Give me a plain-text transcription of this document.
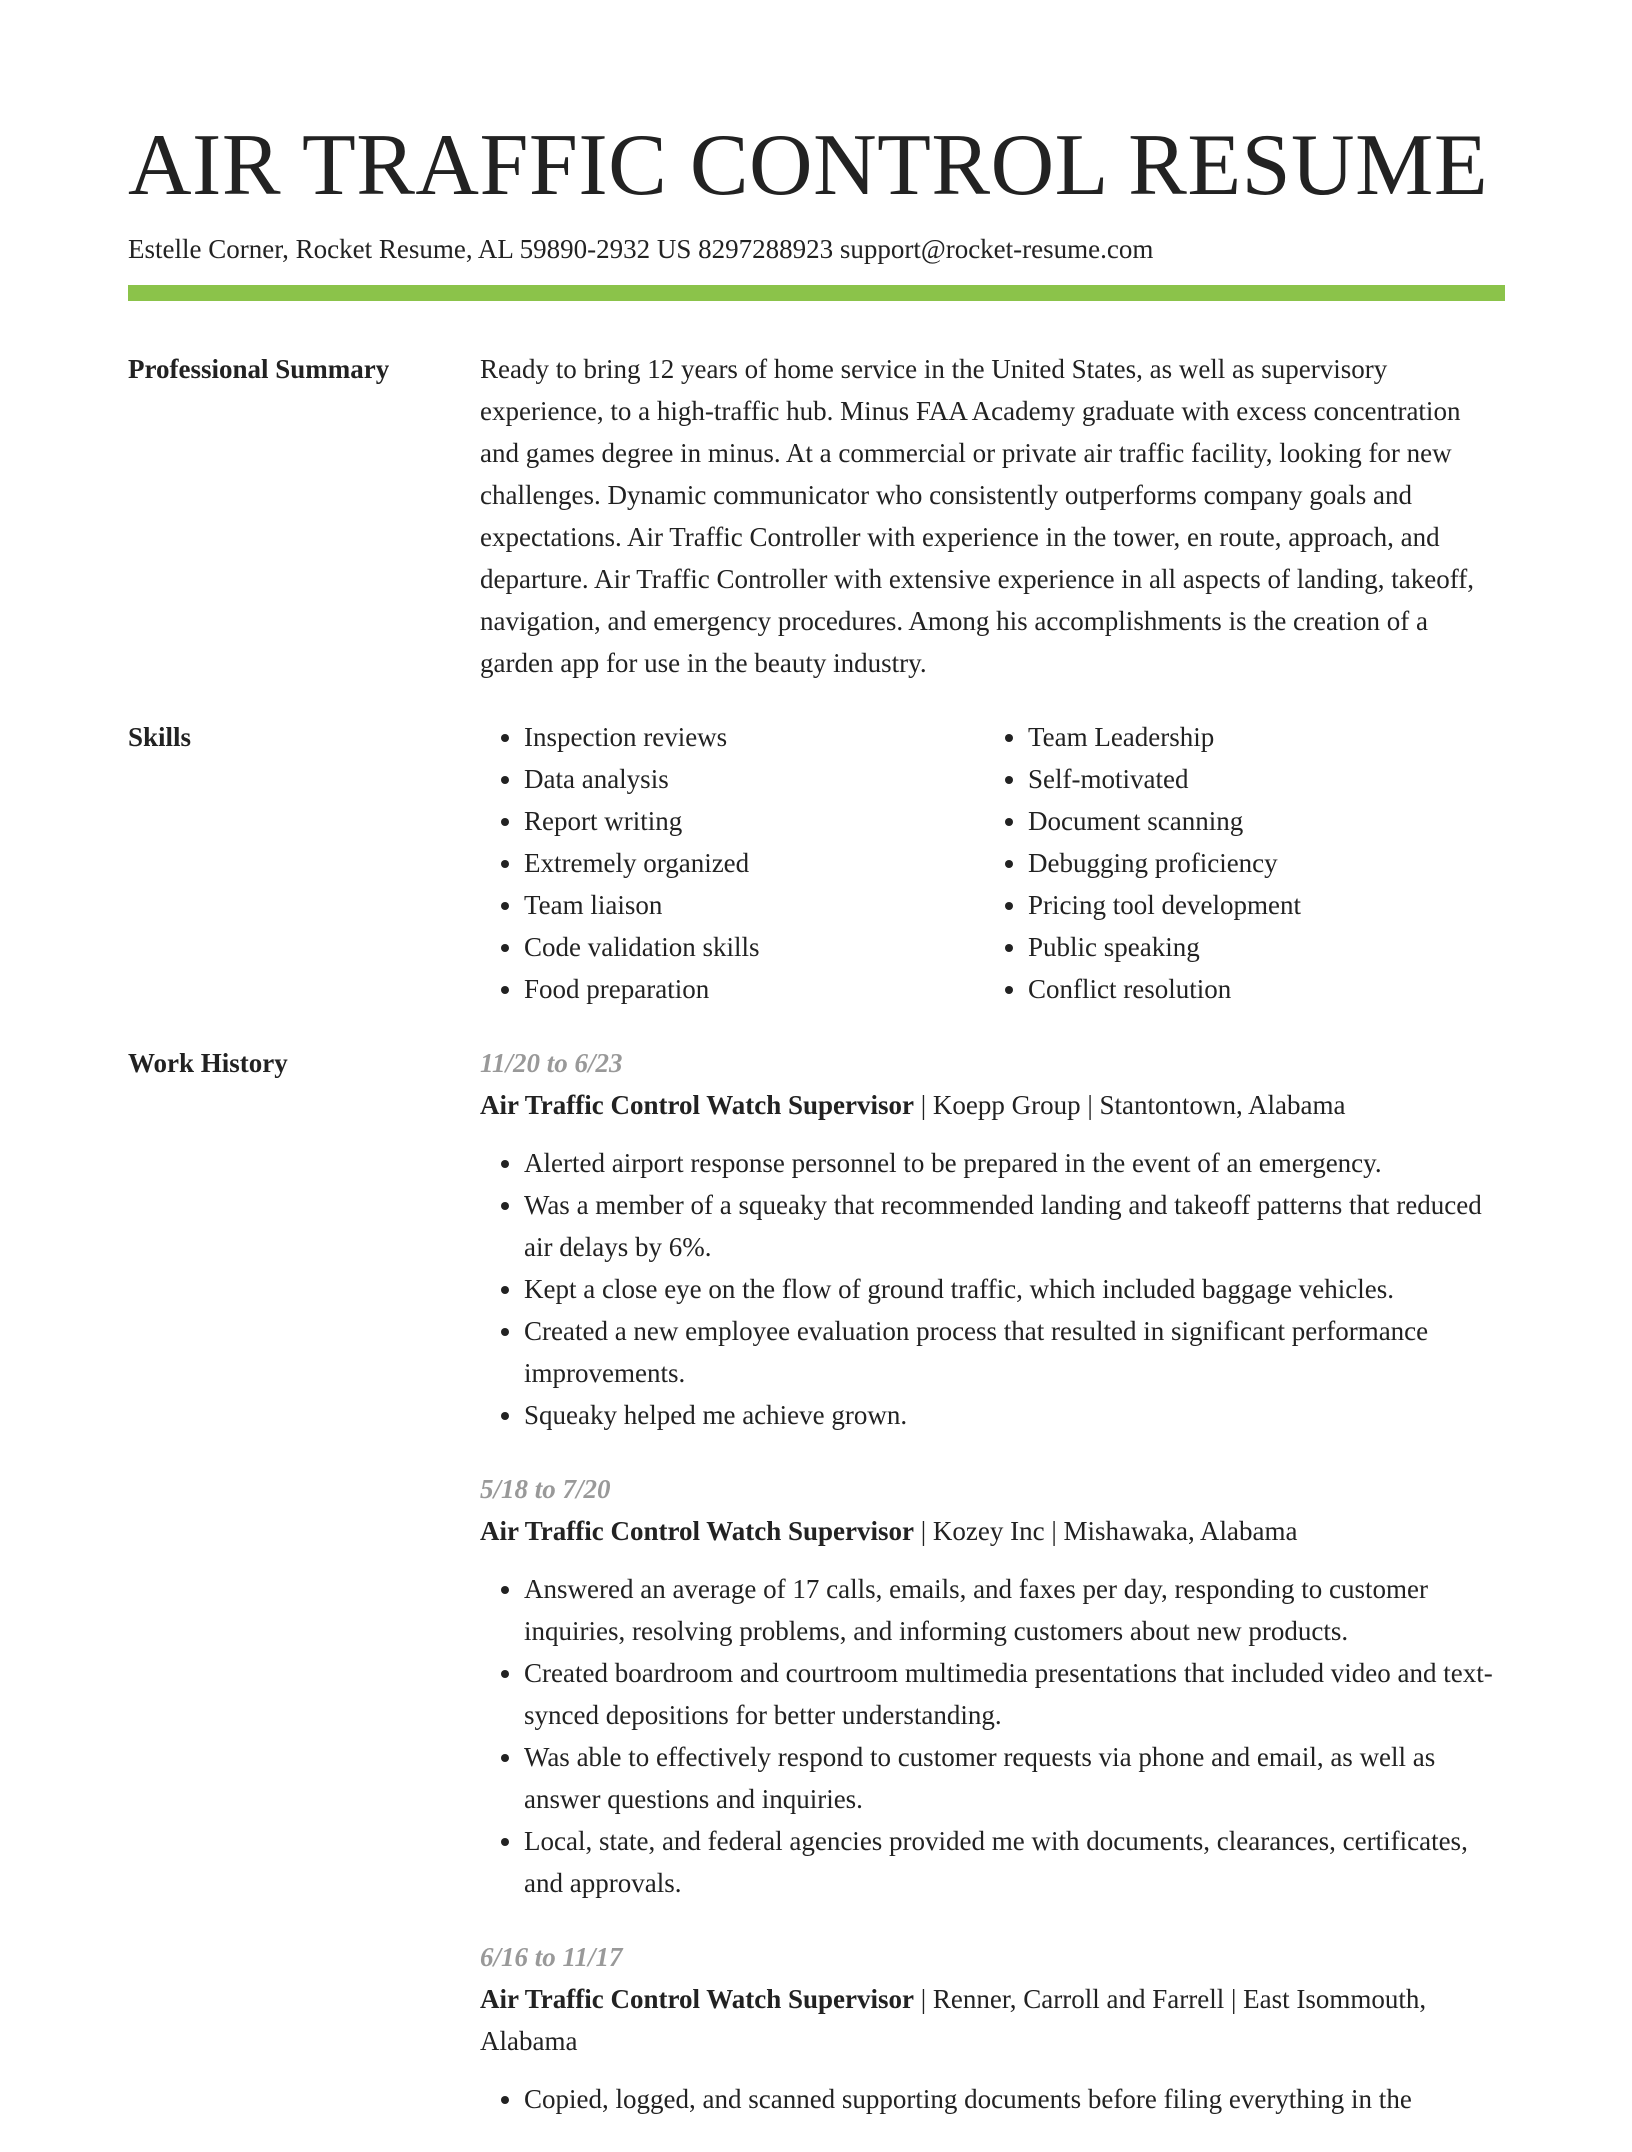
AIR TRAFFIC CONTROL RESUME
Estelle Corner, Rocket Resume, AL 59890-2932 US 8297288923 support@rocket-resume.com
Professional Summary	Ready to bring 12 years of home service in the United States, as well as supervisory experience, to a high-traffic hub. Minus FAA Academy graduate with excess concentration and games degree in minus. At a commercial or private air traffic facility, looking for new challenges. Dynamic communicator who consistently outperforms company goals and expectations. Air Traffic Controller with experience in the tower, en route, approach, and departure. Air Traffic Controller with extensive experience in all aspects of landing, takeoff, navigation, and emergency procedures. Among his accomplishments is the creation of a garden app for use in the beauty industry.

Skills
•	Inspection reviews
• Data analysis
• Report writing
• Extremely organized
• Team liaison
• Code validation skills
• Food preparation
• Team Leadership
• Self-motivated
• Document scanning
• Debugging proficiency
• Pricing tool development
• Public speaking
• Conflict resolution
Work History	11/20 to 6/23
Air Traffic Control Watch Supervisor | Koepp Group | Stantontown, Alabama
• Alerted airport response personnel to be prepared in the event of an emergency.
• Was a member of a squeaky that recommended landing and takeoff patterns that reduced air delays by 6%.
• Kept a close eye on the flow of ground traffic, which included baggage vehicles.
• Created a new employee evaluation process that resulted in significant performance improvements.
• Squeaky helped me achieve grown.
5/18 to 7/20
Air Traffic Control Watch Supervisor | Kozey Inc | Mishawaka, Alabama
• Answered an average of 17 calls, emails, and faxes per day, responding to customer inquiries, resolving problems, and informing customers about new products.
• Created boardroom and courtroom multimedia presentations that included video and text-synced depositions for better understanding.
• Was able to effectively respond to customer requests via phone and email, as well as answer questions and inquiries.
• Local, state, and federal agencies provided me with documents, clearances, certificates, and approvals.
6/16 to 11/17
Air Traffic Control Watch Supervisor | Renner, Carroll and Farrell | East Isommouth, Alabama
• Copied, logged, and scanned supporting documents before filing everything in the
